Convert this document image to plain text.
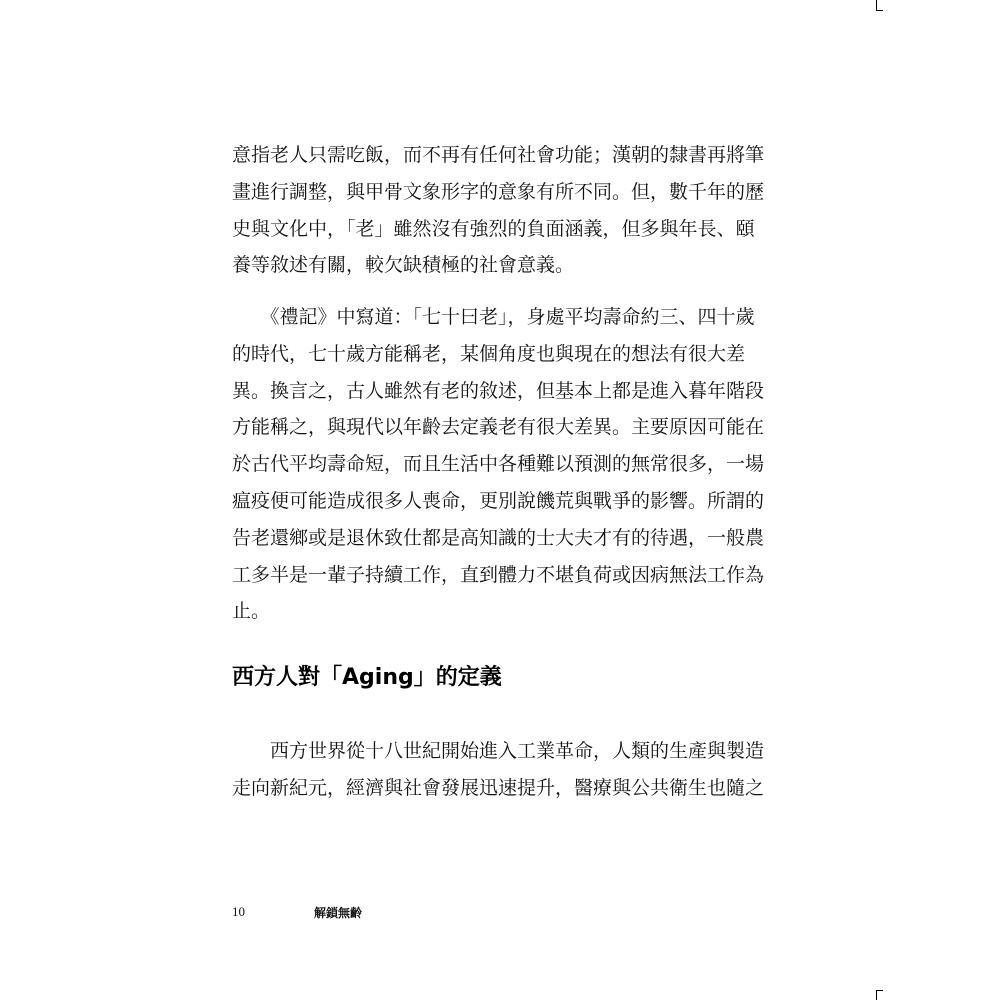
意指老人只需吃飯，而不再有任何社會功能；漢朝的隸書再將筆
畫進行調整，與甲骨文象形字的意象有所不同。但，數千年的歷
史與文化中，「老」雖然沒有強烈的負面涵義，但多與年長、頤
養等敘述有關，較欠缺積極的社會意義。
　　《禮記》中寫道：「七十曰老」，身處平均壽命約三、四十歲
的時代，七十歲方能稱老，某個角度也與現在的想法有很大差
異。換言之，古人雖然有老的敘述，但基本上都是進入暮年階段
方能稱之，與現代以年齡去定義老有很大差異。主要原因可能在
於古代平均壽命短，而且生活中各種難以預測的無常很多，一場
瘟疫便可能造成很多人喪命，更別說饑荒與戰爭的影響。所謂的
告老還鄉或是退休致仕都是高知識的士大夫才有的待遇，一般農
工多半是一輩子持續工作，直到體力不堪負荷或因病無法工作為
止。
西方人對「Aging」的定義
　　西方世界從十八世紀開始進入工業革命，人類的生產與製造
走向新紀元，經濟與社會發展迅速提升，醫療與公共衛生也隨之
10	解鎖無齡
